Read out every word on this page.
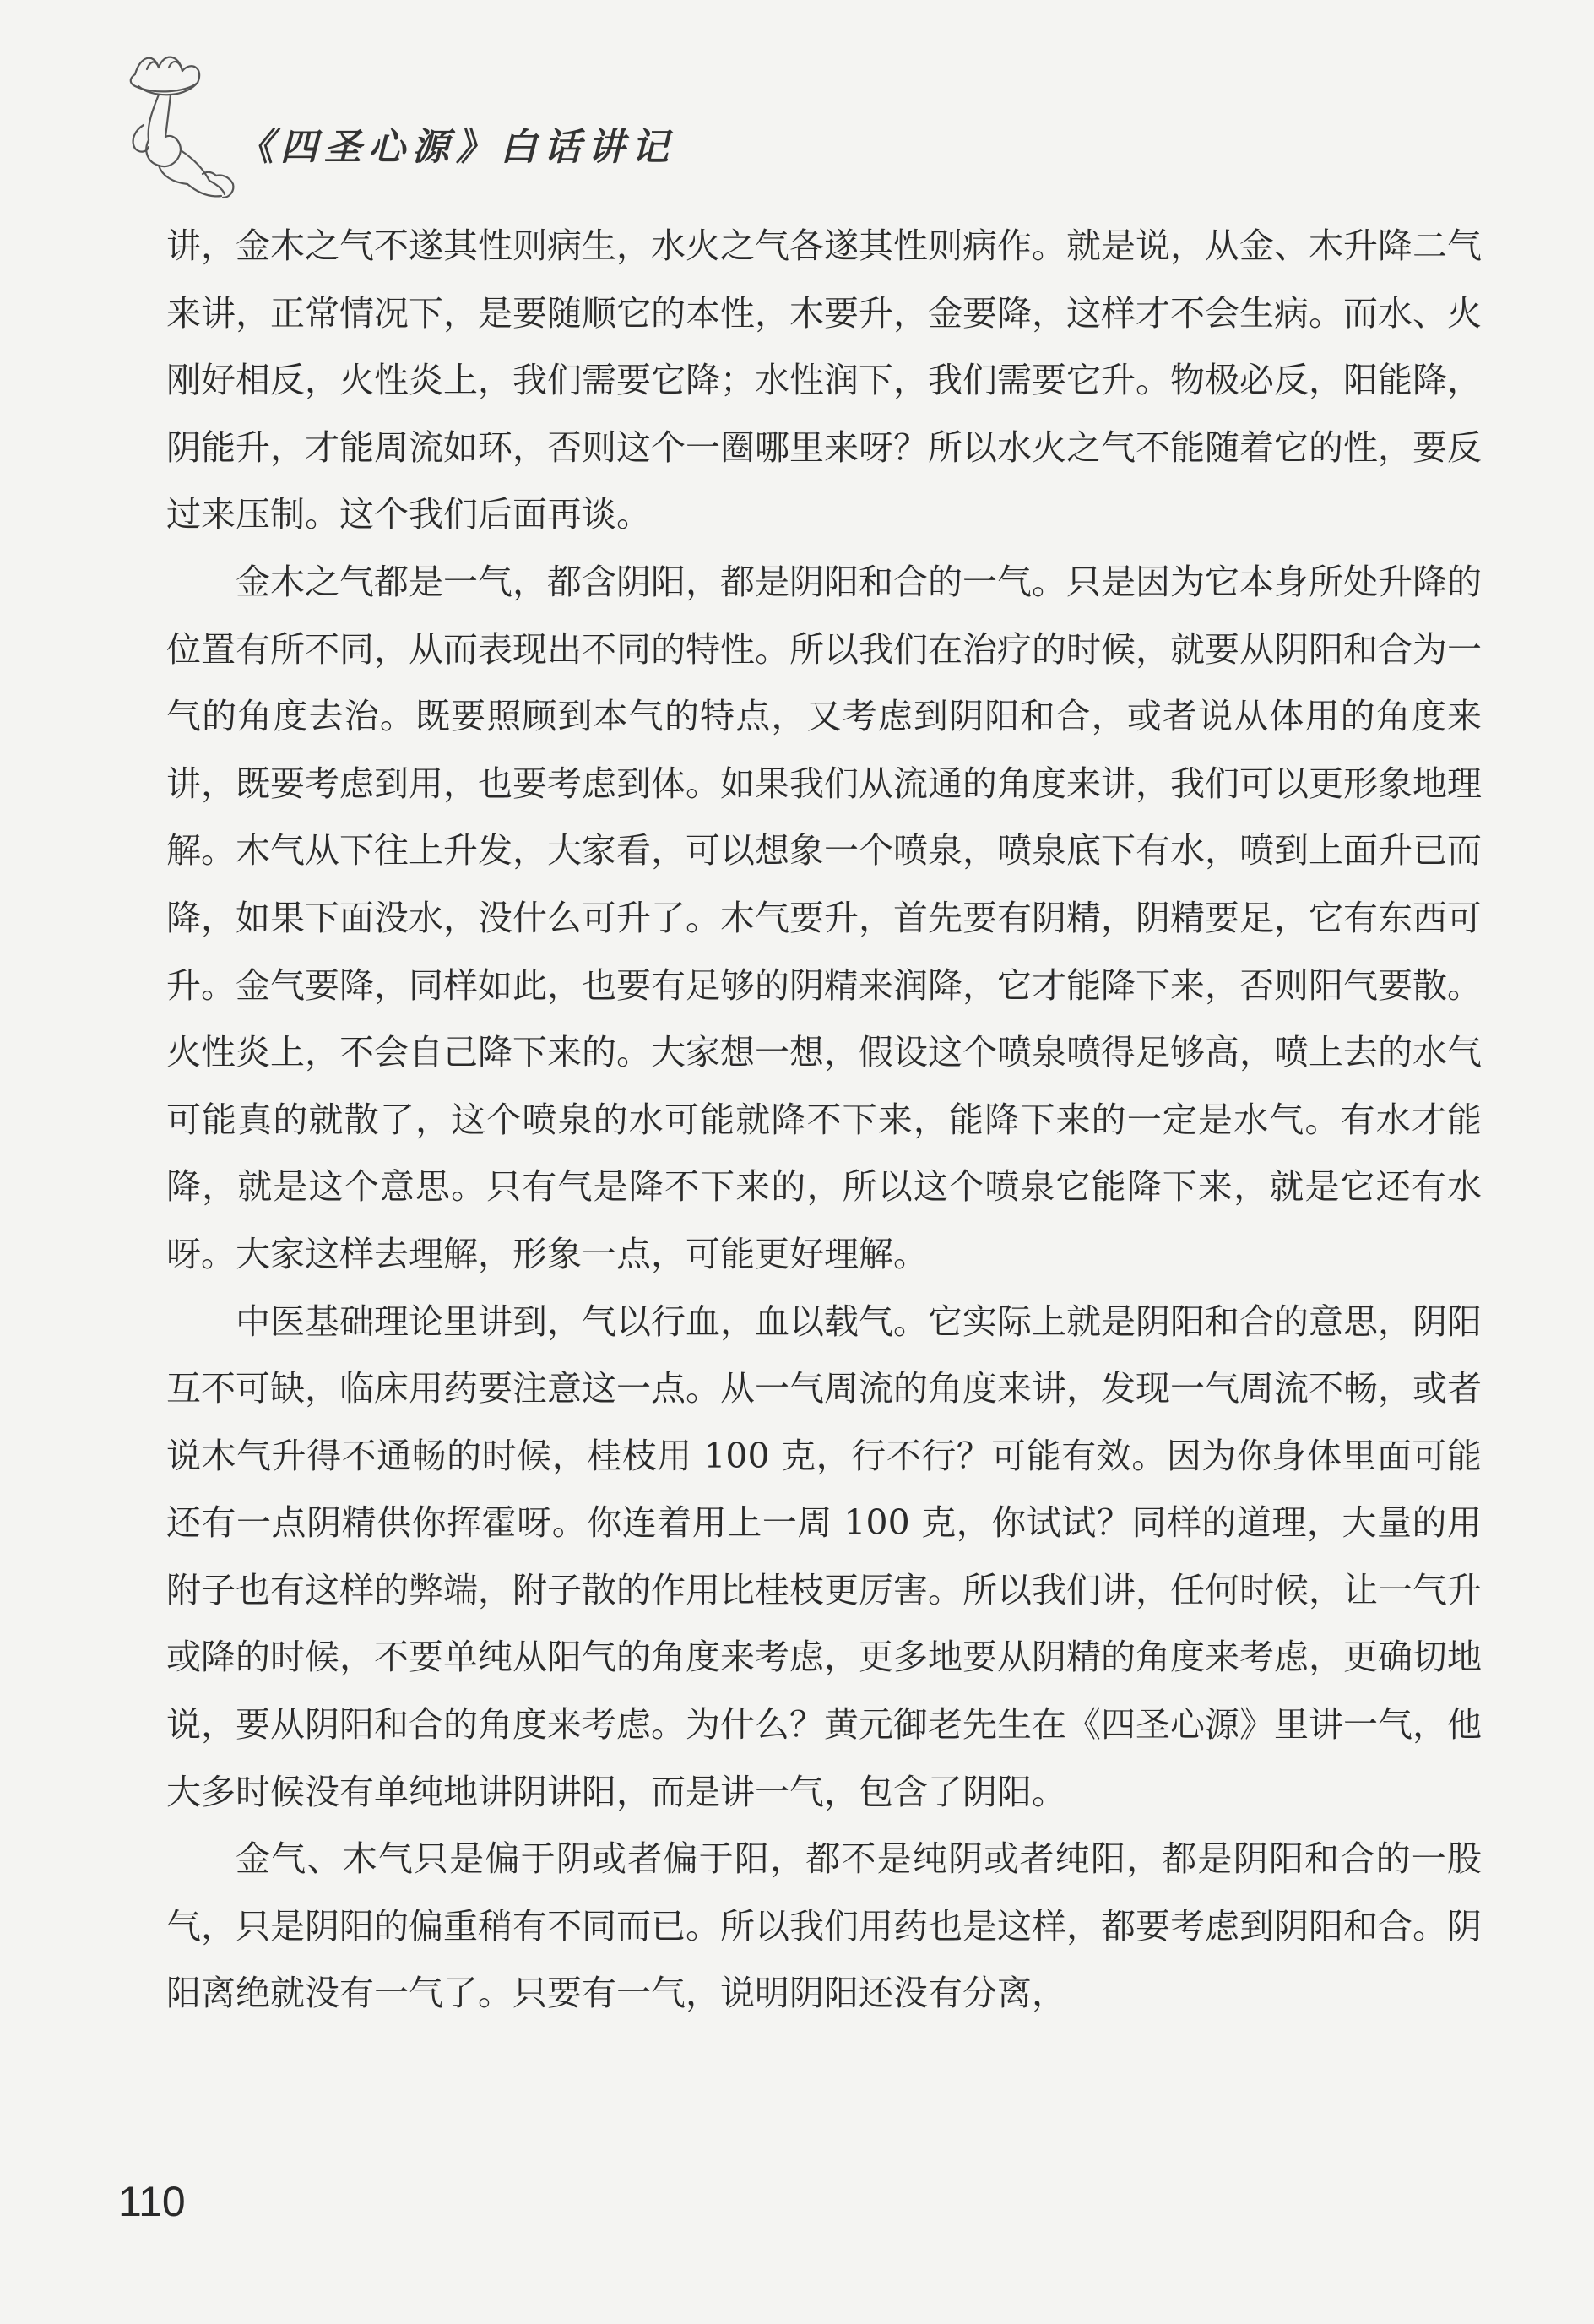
《四圣心源》白话讲记

讲，金木之气不遂其性则病生，水火之气各遂其性则病作。就是说，从金、木升降二气来讲，正常情况下，是要随顺它的本性，木要升，金要降，这样才不会生病。而水、火刚好相反，火性炎上，我们需要它降；水性润下，我们需要它升。物极必反，阳能降，阴能升，才能周流如环，否则这个一圈哪里来呀？所以水火之气不能随着它的性，要反过来压制。这个我们后面再谈。

金木之气都是一气，都含阴阳，都是阴阳和合的一气。只是因为它本身所处升降的位置有所不同，从而表现出不同的特性。所以我们在治疗的时候，就要从阴阳和合为一气的角度去治。既要照顾到本气的特点，又考虑到阴阳和合，或者说从体用的角度来讲，既要考虑到用，也要考虑到体。如果我们从流通的角度来讲，我们可以更形象地理解。木气从下往上升发，大家看，可以想象一个喷泉，喷泉底下有水，喷到上面升已而降，如果下面没水，没什么可升了。木气要升，首先要有阴精，阴精要足，它有东西可升。金气要降，同样如此，也要有足够的阴精来润降，它才能降下来，否则阳气要散。火性炎上，不会自己降下来的。大家想一想，假设这个喷泉喷得足够高，喷上去的水气可能真的就散了，这个喷泉的水可能就降不下来，能降下来的一定是水气。有水才能降，就是这个意思。只有气是降不下来的，所以这个喷泉它能降下来，就是它还有水呀。大家这样去理解，形象一点，可能更好理解。

中医基础理论里讲到，气以行血，血以载气。它实际上就是阴阳和合的意思，阴阳互不可缺，临床用药要注意这一点。从一气周流的角度来讲，发现一气周流不畅，或者说木气升得不通畅的时候，桂枝用 100 克，行不行？可能有效。因为你身体里面可能还有一点阴精供你挥霍呀。你连着用上一周 100 克，你试试？同样的道理，大量的用附子也有这样的弊端，附子散的作用比桂枝更厉害。所以我们讲，任何时候，让一气升或降的时候，不要单纯从阳气的角度来考虑，更多地要从阴精的角度来考虑，更确切地说，要从阴阳和合的角度来考虑。为什么？黄元御老先生在《四圣心源》里讲一气，他大多时候没有单纯地讲阴讲阳，而是讲一气，包含了阴阳。

金气、木气只是偏于阴或者偏于阳，都不是纯阴或者纯阳，都是阴阳和合的一股气，只是阴阳的偏重稍有不同而已。所以我们用药也是这样，都要考虑到阴阳和合。阴阳离绝就没有一气了。只要有一气，说明阴阳还没有分离，

110
